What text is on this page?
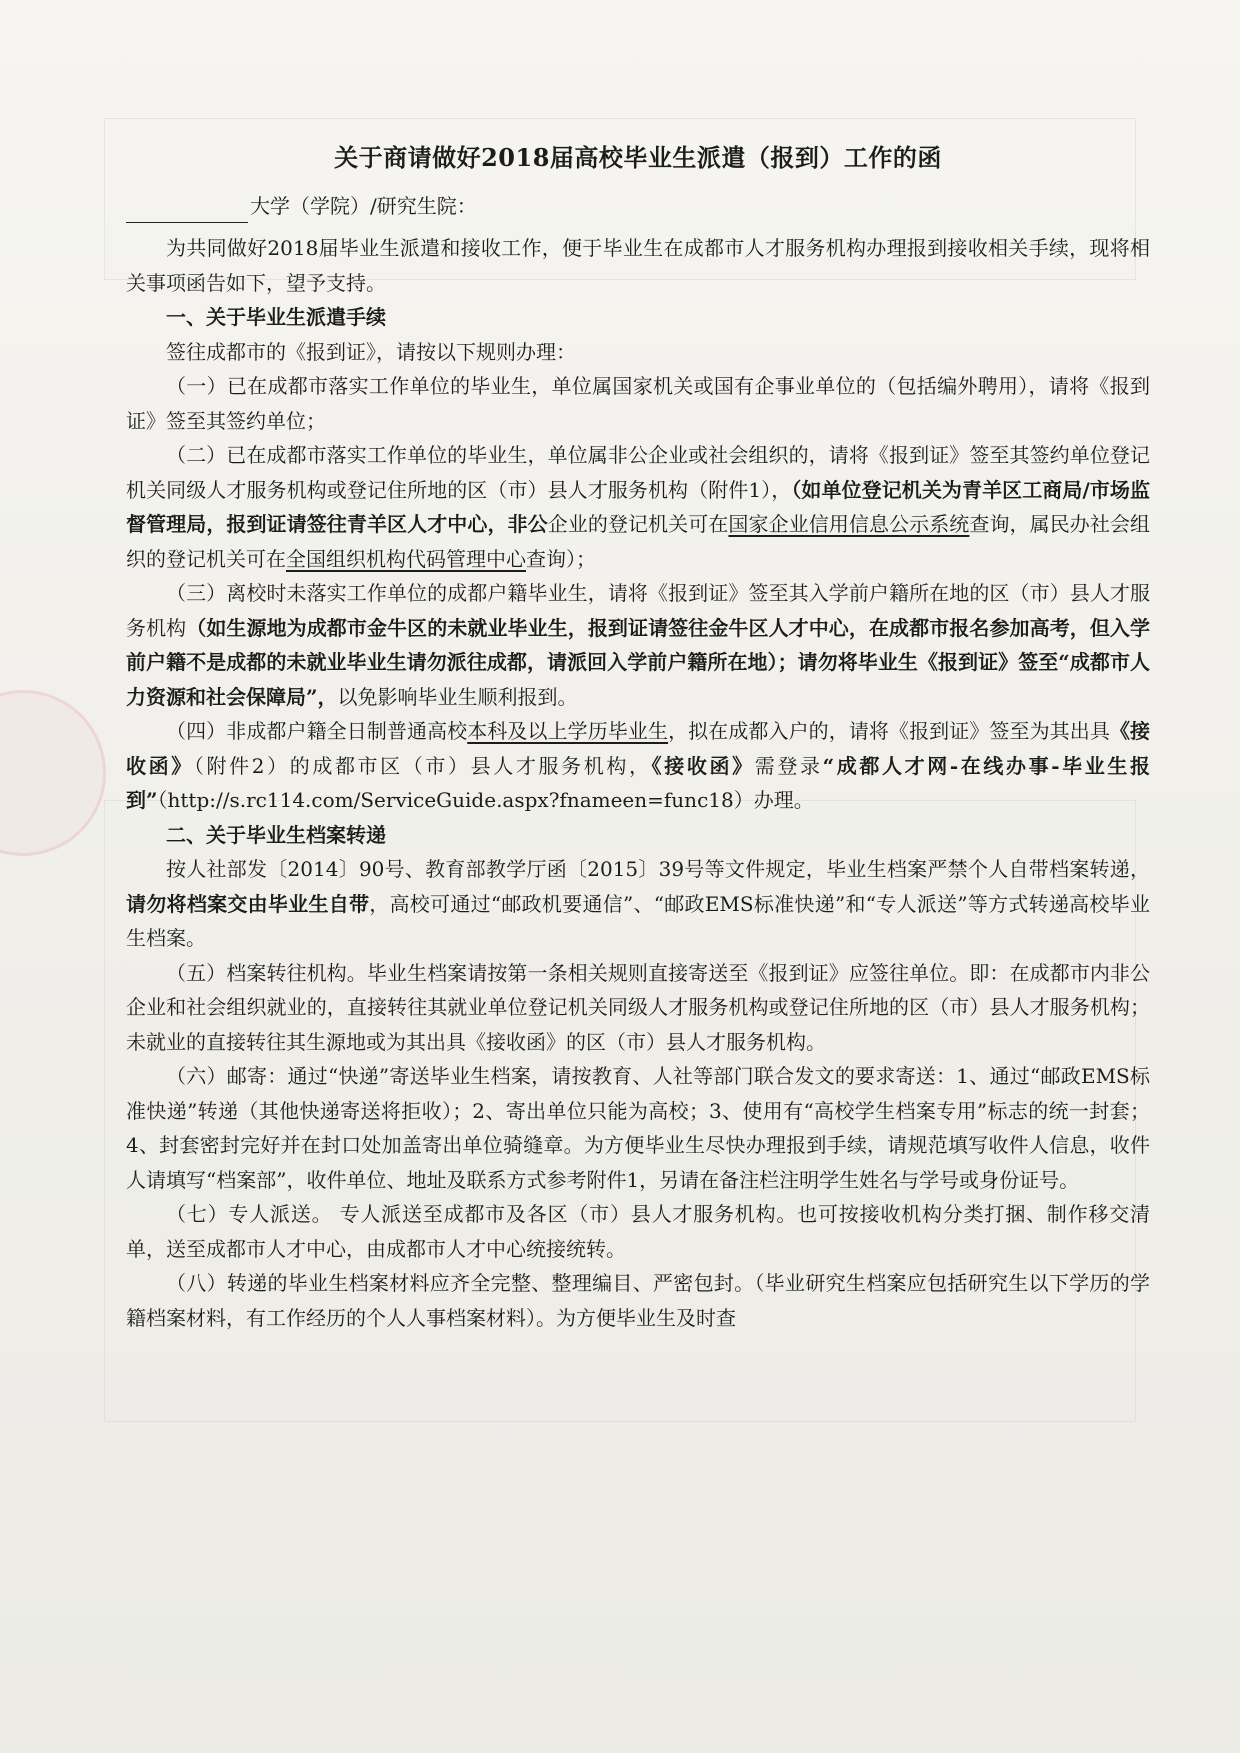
关于商请做好2018届高校毕业生派遣（报到）工作的函
大学（学院）/研究生院：

为共同做好2018届毕业生派遣和接收工作，便于毕业生在成都市人才服务机构办理报到接收相关手续，现将相关事项函告如下，望予支持。

一、关于毕业生派遣手续

签往成都市的《报到证》，请按以下规则办理：

（一）已在成都市落实工作单位的毕业生，单位属国家机关或国有企事业单位的（包括编外聘用），请将《报到证》签至其签约单位；

（二）已在成都市落实工作单位的毕业生，单位属非公企业或社会组织的，请将《报到证》签至其签约单位登记机关同级人才服务机构或登记住所地的区（市）县人才服务机构（附件1），（如单位登记机关为青羊区工商局/市场监督管理局，报到证请签往青羊区人才中心，非公企业的登记机关可在国家企业信用信息公示系统查询，属民办社会组织的登记机关可在全国组织机构代码管理中心查询）；

（三）离校时未落实工作单位的成都户籍毕业生，请将《报到证》签至其入学前户籍所在地的区（市）县人才服务机构（如生源地为成都市金牛区的未就业毕业生，报到证请签往金牛区人才中心，在成都市报名参加高考，但入学前户籍不是成都的未就业毕业生请勿派往成都，请派回入学前户籍所在地）；请勿将毕业生《报到证》签至“成都市人力资源和社会保障局”，以免影响毕业生顺利报到。

（四）非成都户籍全日制普通高校本科及以上学历毕业生，拟在成都入户的，请将《报到证》签至为其出具《接收函》（附件2）的成都市区（市）县人才服务机构，《接收函》需登录“成都人才网-在线办事-毕业生报到”（http://s.rc114.com/ServiceGuide.aspx?fnameen=func18）办理。

二、关于毕业生档案转递

按人社部发〔2014〕90号、教育部教学厅函〔2015〕39号等文件规定，毕业生档案严禁个人自带档案转递，请勿将档案交由毕业生自带，高校可通过“邮政机要通信”、“邮政EMS标准快递”和“专人派送”等方式转递高校毕业生档案。

（五）档案转往机构。毕业生档案请按第一条相关规则直接寄送至《报到证》应签往单位。即：在成都市内非公企业和社会组织就业的，直接转往其就业单位登记机关同级人才服务机构或登记住所地的区（市）县人才服务机构；未就业的直接转往其生源地或为其出具《接收函》的区（市）县人才服务机构。

（六）邮寄：通过“快递”寄送毕业生档案，请按教育、人社等部门联合发文的要求寄送：1、通过“邮政EMS标准快递”转递（其他快递寄送将拒收）；2、寄出单位只能为高校；3、使用有“高校学生档案专用”标志的统一封套；4、封套密封完好并在封口处加盖寄出单位骑缝章。为方便毕业生尽快办理报到手续，请规范填写收件人信息，收件人请填写“档案部”，收件单位、地址及联系方式参考附件1，另请在备注栏注明学生姓名与学号或身份证号。

（七）专人派送。 专人派送至成都市及各区（市）县人才服务机构。也可按接收机构分类打捆、制作移交清单，送至成都市人才中心，由成都市人才中心统接统转。

（八）转递的毕业生档案材料应齐全完整、整理编目、严密包封。（毕业研究生档案应包括研究生以下学历的学籍档案材料，有工作经历的个人人事档案材料）。为方便毕业生及时查
